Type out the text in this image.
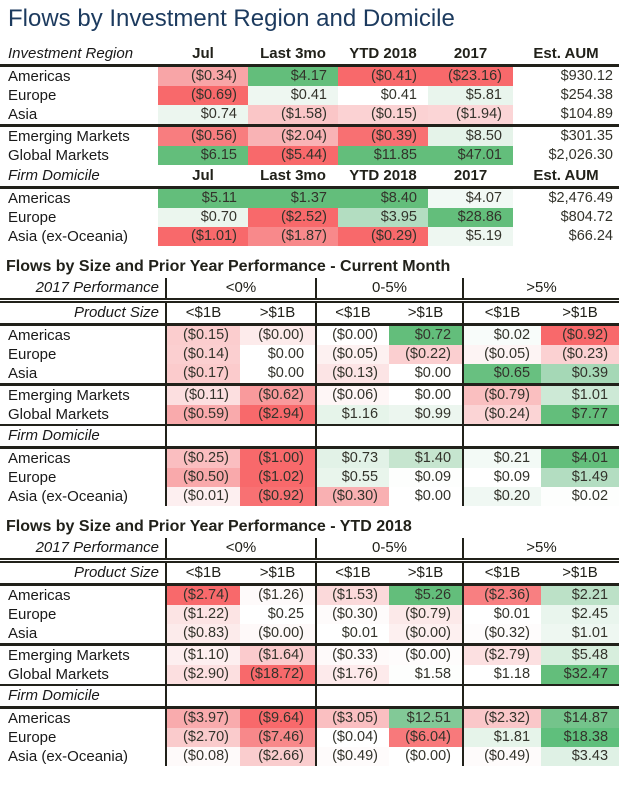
Flows by Investment Region and Domicile
Investment Region	Jul	Last 3mo	YTD 2018	2017	Est. AUM
Americas	($0.34)	$4.17	($0.41)	($23.16)	$930.12
Europe	($0.69)	$0.41	$0.41	$5.81	$254.38
Asia	$0.74	($1.58)	($0.15)	($1.94)	$104.89
Emerging Markets	($0.56)	($2.04)	($0.39)	$8.50	$301.35
Global Markets	$6.15	($5.44)	$11.85	$47.01	$2,026.30
Firm Domicile	Jul	Last 3mo	YTD 2018	2017	Est. AUM
Americas	$5.11	$1.37	$8.40	$4.07	$2,476.49
Europe	$0.70	($2.52)	$3.95	$28.86	$804.72
Asia (ex-Oceania)	($1.01)	($1.87)	($0.29)	$5.19	$66.24
Flows by Size and Prior Year Performance - Current Month
2017 Performance	<0%		0-5%		>5%	
Product Size	<$1B	>$1B	<$1B	>$1B	<$1B	>$1B
Americas	($0.15)	($0.00)	($0.00)	$0.72	$0.02	($0.92)
Europe	($0.14)	$0.00	($0.05)	($0.22)	($0.05)	($0.23)
Asia	($0.17)	$0.00	($0.13)	$0.00	$0.65	$0.39
Emerging Markets	($0.11)	($0.62)	($0.06)	$0.00	($0.79)	$1.01
Global Markets	($0.59)	($2.94)	$1.16	$0.99	($0.24)	$7.77
Firm Domicile						
Americas	($0.25)	($1.00)	$0.73	$1.40	$0.21	$4.01
Europe	($0.50)	($1.02)	$0.55	$0.09	$0.09	$1.49
Asia (ex-Oceania)	($0.01)	($0.92)	($0.30)	$0.00	$0.20	$0.02
Flows by Size and Prior Year Performance - YTD 2018
2017 Performance	<0%		0-5%		>5%	
Product Size	<$1B	>$1B	<$1B	>$1B	<$1B	>$1B
Americas	($2.74)	($1.26)	($1.53)	$5.26	($2.36)	$2.21
Europe	($1.22)	$0.25	($0.30)	($0.79)	$0.01	$2.45
Asia	($0.83)	($0.00)	$0.01	($0.00)	($0.32)	$1.01
Emerging Markets	($1.10)	($1.64)	($0.33)	($0.00)	($2.79)	$5.48
Global Markets	($2.90)	($18.72)	($1.76)	$1.58	$1.18	$32.47
Firm Domicile						
Americas	($3.97)	($9.64)	($3.05)	$12.51	($2.32)	$14.87
Europe	($2.70)	($7.46)	($0.04)	($6.04)	$1.81	$18.38
Asia (ex-Oceania)	($0.08)	($2.66)	($0.49)	($0.00)	($0.49)	$3.43
